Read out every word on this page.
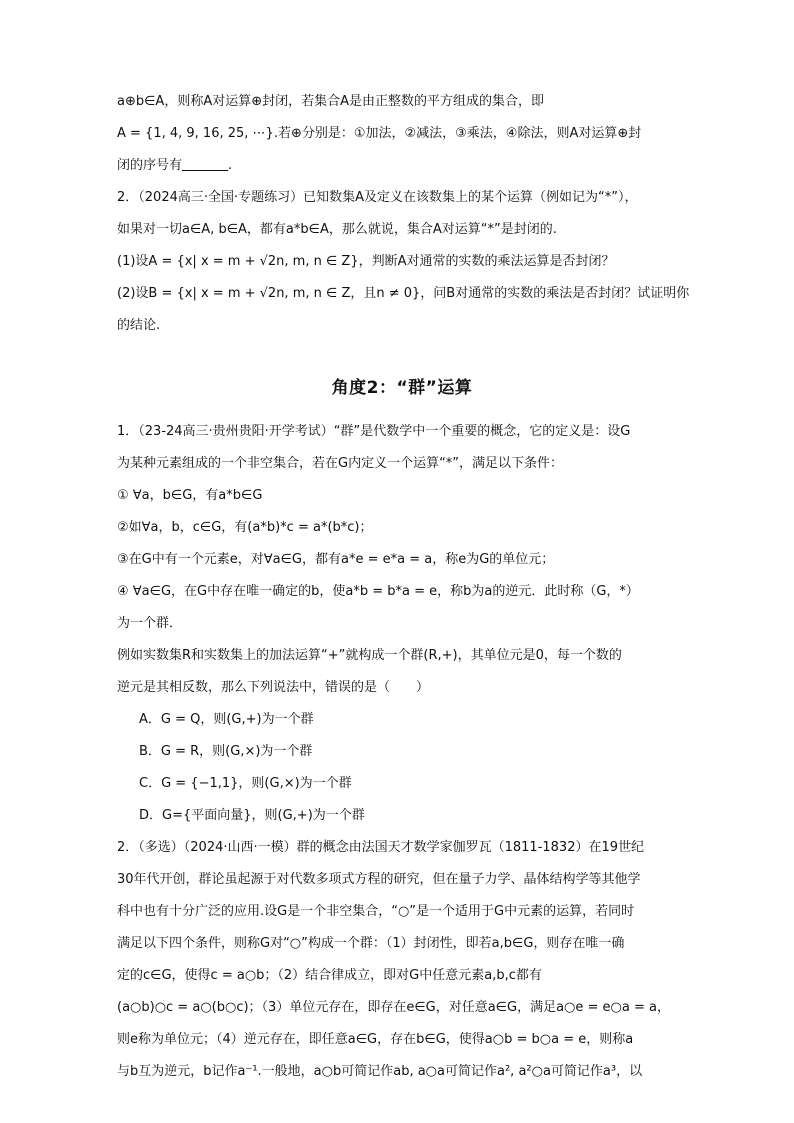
a⊕b∈A，则称A对运算⊕封闭，若集合A是由正整数的平方组成的集合，即
A = {1, 4, 9, 16, 25, ⋯}.若⊕分别是：①加法，②减法，③乘法，④除法，则A对运算⊕封
闭的序号有	.
2．（2024高三·全国·专题练习）已知数集A及定义在该数集上的某个运算（例如记为“*”），
如果对一切a∈A, b∈A，都有a*b∈A，那么就说，集合A对运算“*”是封闭的.
(1)设A = {x| x = m + √2n, m, n ∈ Z}，判断A对通常的实数的乘法运算是否封闭？
(2)设B = {x| x = m + √2n, m, n ∈ Z，且n ≠ 0}，问B对通常的实数的乘法是否封闭？试证明你
的结论.
角度2：“群”运算
1．（23-24高三·贵州贵阳·开学考试）“群”是代数学中一个重要的概念，它的定义是：设G
为某种元素组成的一个非空集合，若在G内定义一个运算“*”，满足以下条件：
① ∀a，b∈G，有a*b∈G
②如∀a，b，c∈G，有(a*b)*c = a*(b*c)；
③在G中有一个元素e，对∀a∈G，都有a*e = e*a = a，称e为G的单位元；
④ ∀a∈G，在G中存在唯一确定的b，使a*b = b*a = e，称b为a的逆元．此时称（G，*）
为一个群．
例如实数集R和实数集上的加法运算“+”就构成一个群(R,+)，其单位元是0，每一个数的
逆元是其相反数，那么下列说法中，错误的是（　　）
A．G = Q，则(G,+)为一个群
B．G = R，则(G,×)为一个群
C．G = {−1,1}，则(G,×)为一个群
D．G={平面向量}，则(G,+)为一个群
2．（多选）（2024·山西·一模）群的概念由法国天才数学家伽罗瓦（1811-1832）在19世纪
30年代开创，群论虽起源于对代数多项式方程的研究，但在量子力学、晶体结构学等其他学
科中也有十分广泛的应用.设G是一个非空集合，“○”是一个适用于G中元素的运算，若同时
满足以下四个条件，则称G对“○”构成一个群：（1）封闭性，即若a,b∈G，则存在唯一确
定的c∈G，使得c = a○b；（2）结合律成立，即对G中任意元素a,b,c都有
(a○b)○c = a○(b○c)；（3）单位元存在，即存在e∈G，对任意a∈G，满足a○e = e○a = a，
则e称为单位元；（4）逆元存在，即任意a∈G，存在b∈G，使得a○b = b○a = e，则称a
与b互为逆元，b记作a⁻¹.一般地，a○b可简记作ab, a○a可简记作a², a²○a可简记作a³，以
